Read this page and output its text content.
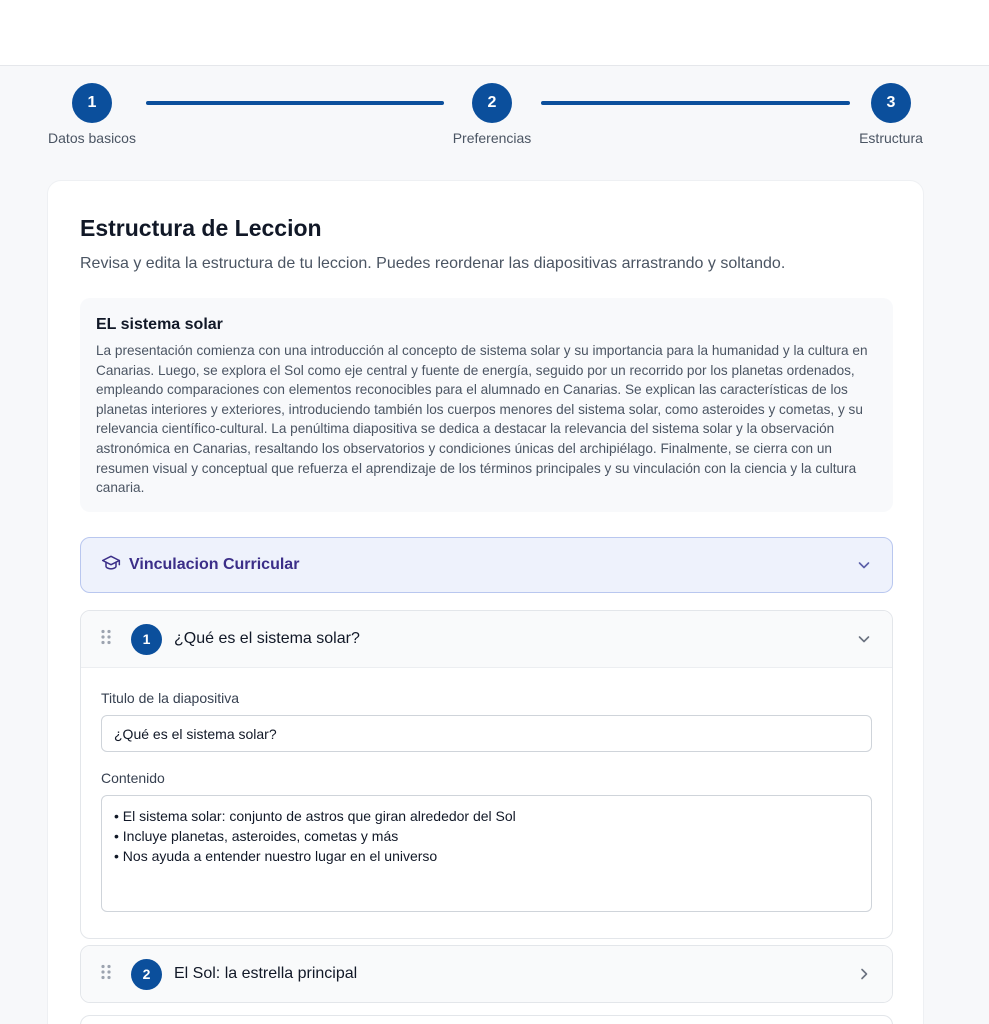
1
Datos basicos
2
Preferencias
3
Estructura
Estructura de Leccion

Revisa y edita la estructura de tu leccion. Puedes reordenar las diapositivas arrastrando y soltando.

EL sistema solar
La presentación comienza con una introducción al concepto de sistema solar y su importancia para la humanidad y la cultura en Canarias. Luego, se explora el Sol como eje central y fuente de energía, seguido por un recorrido por los planetas ordenados, empleando comparaciones con elementos reconocibles para el alumnado en Canarias. Se explican las características de los planetas interiores y exteriores, introduciendo también los cuerpos menores del sistema solar, como asteroides y cometas, y su relevancia científico-cultural. La penúltima diapositiva se dedica a destacar la relevancia del sistema solar y la observación astronómica en Canarias, resaltando los observatorios y condiciones únicas del archipiélago. Finalmente, se cierra con un resumen visual y conceptual que refuerza el aprendizaje de los términos principales y su vinculación con la ciencia y la cultura canaria.
Vinculacion Curricular
1	¿Qué es el sistema solar?
Titulo de la diapositiva
¿Qué es el sistema solar?
Contenido
• El sistema solar: conjunto de astros que giran alrededor del Sol
• Incluye planetas, asteroides, cometas y más
• Nos ayuda a entender nuestro lugar en el universo
2	El Sol: la estrella principal
